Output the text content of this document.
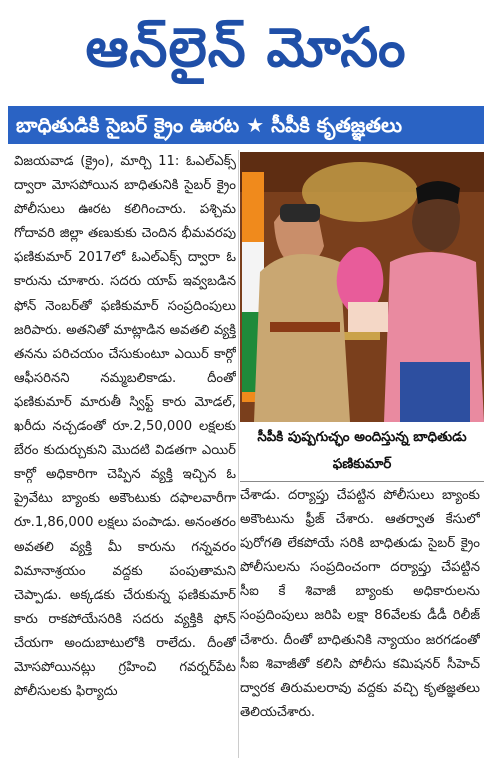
ఆన్‌లైన్ మోసం
బాధితుడికి సైబర్ క్రైం ఊరట ★ సీపీకి కృతజ్ఞతలు

విజయవాడ (క్రైం), మార్చి 11: ఓఎల్ఎక్స్ ద్వారా మోసపోయిన బాధితునికి సైబర్ క్రైం పోలీసులు ఊరట కలిగించారు. పశ్చిమ గోదావరి జిల్లా తణుకుకు చెందిన భీమవరపు ఫణికుమార్ 2017లో ఓఎల్ఎక్స్ ద్వారా ఓ కారును చూశారు. సదరు యాప్ ఇవ్వబడిన ఫోన్ నెంబర్‌తో ఫణికుమార్ సంప్రదింపులు జరిపారు. అతనితో మాట్లాడిన అవతలి వ్యక్తి తనను పరిచయం చేసుకుంటూ ఎయిర్ కార్గో ఆఫీసరినని నమ్మబలికాడు. దీంతో ఫణికుమార్ మారుతీ స్విఫ్ట్ కారు మోడల్, ఖరీదు నచ్చడంతో రూ.2,50,000 లక్షలకు బేరం కుదుర్చుకుని మొదటి విడతగా ఎయిర్ కార్గో అధికారిగా చెప్పిన వ్యక్తి ఇచ్చిన ఓ ప్రైవేటు బ్యాంకు అకౌంటుకు దఫాలవారీగా రూ.1,86,000 లక్షలు పంపాడు. అనంతరం అవతలి వ్యక్తి మీ కారును గన్నవరం విమానాశ్రయం వద్దకు పంపుతామని చెప్పాడు. అక్కడకు చేరుకున్న ఫణికుమార్ కారు రాకపోయేసరికి సదరు వ్యక్తికి ఫోన్ చేయగా అందుబాటులోకి రాలేదు. దీంతో మోసపోయినట్లు గ్రహించి గవర్నర్‌పేట పోలీసులకు ఫిర్యాదు

సీపీకి పుష్పగుచ్ఛం అందిస్తున్న బాధితుడు ఫణికుమార్

చేశాడు. దర్యాప్తు చేపట్టిన పోలీసులు బ్యాంకు అకౌంటును ఫ్రీజ్ చేశారు. ఆతర్వాత కేసులో పురోగతి లేకపోయే సరికి బాధితుడు సైబర్ క్రైం పోలీసులను సంప్రదించంగా దర్యాప్తు చేపట్టిన సీఐ కే శివాజీ బ్యాంకు అధికారులను సంప్రదింపులు జరిపి లక్షా 86వేలకు డీడీ రిలీజ్ చేశారు. దీంతో బాధితునికి న్యాయం జరగడంతో సీఐ శివాజీతో కలిసి పోలీసు కమిషనర్ సీహెచ్ ద్వారక తిరుమలరావు వద్దకు వచ్చి కృతజ్ఞతలు తెలియచేశారు.
